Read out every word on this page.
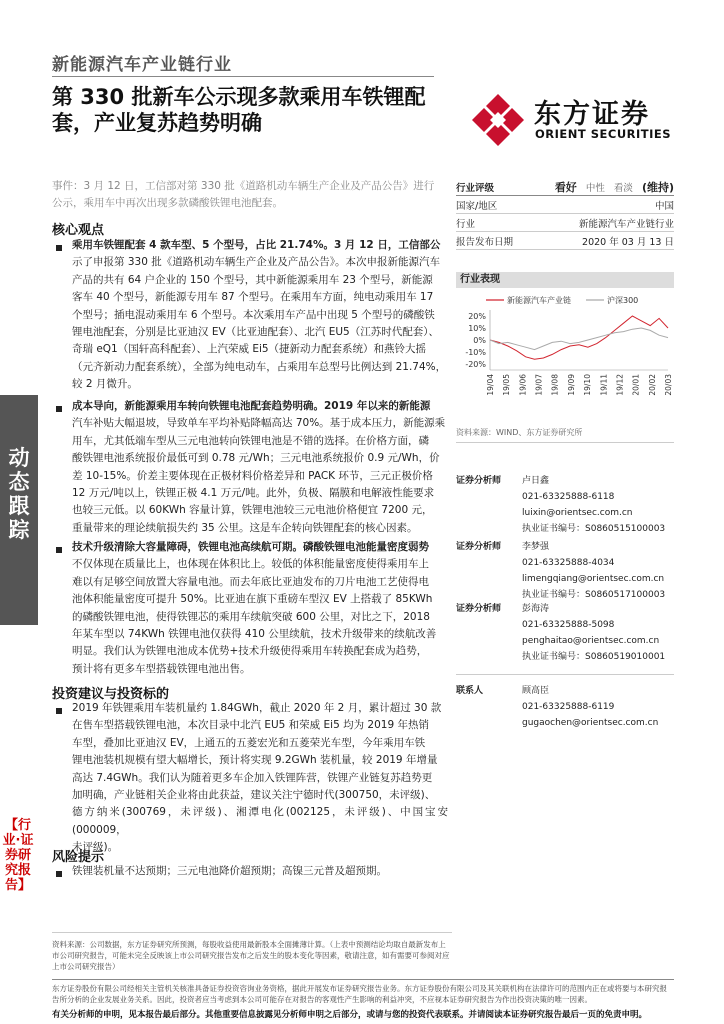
新能源汽车产业链行业
第 330 批新车公示现多款乘用车铁锂配套，产业复苏趋势明确	东方证券
ORIENT SECURITIES
事件：3 月 12 日，工信部对第 330 批《道路机动车辆生产企业及产品公告》进行公示，乘用车中再次出现多款磷酸铁锂电池配套。
核心观点
乘用车铁锂配套 4 款车型、5 个型号，占比 21.74%。3 月 12 日，工信部公
示了申报第 330 批《道路机动车辆生产企业及产品公告》。本次申报新能源汽车
产品的共有 64 户企业的 150 个型号，其中新能源乘用车 23 个型号，新能源
客车 40 个型号，新能源专用车 87 个型号。在乘用车方面，纯电动乘用车 17
个型号；插电混动乘用车 6 个型号。本次乘用车产品中出现 5 个型号的磷酸铁
锂电池配套，分别是比亚迪汉 EV（比亚迪配套）、北汽 EU5（江苏时代配套）、
奇瑞 eQ1（国轩高科配套）、上汽荣威 Ei5（捷新动力配套系统）和燕铃大摇
（元齐新动力配套系统），全部为纯电动车，占乘用车总型号比例达到 21.74%，
较 2 月微升。
成本导向，新能源乘用车转向铁锂电池配套趋势明确。2019 年以来的新能源
汽车补贴大幅退坡，导致单车平均补贴降幅高达 70%。基于成本压力，新能源乘
用车，尤其低端车型从三元电池转向铁锂电池是不错的选择。在价格方面，磷
酸铁锂电池系统报价最低可到 0.78 元/Wh；三元电池系统报价 0.9 元/Wh，价
差 10-15%。价差主要体现在正极材料价格差异和 PACK 环节，三元正极价格
12 万元/吨以上，铁锂正极 4.1 万元/吨。此外，负极、隔膜和电解液性能要求
也较三元低。以 60KWh 容量计算，铁锂电池较三元电池价格便宜 7200 元，
重量带来的理论续航损失约 35 公里。这是车企转向铁锂配套的核心因素。
技术升级清除大容量障碍，铁锂电池高续航可期。磷酸铁锂电池能量密度弱势
不仅体现在质量比上，也体现在体积比上。较低的体积能量密度使得乘用车上
难以有足够空间放置大容量电池。而去年底比亚迪发布的刀片电池工艺使得电
池体积能量密度可提升 50%。比亚迪在旗下重磅车型汉 EV 上搭载了 85KWh
的磷酸铁锂电池，使得铁锂芯的乘用车续航突破 600 公里，对比之下，2018
年某车型以 74KWh 铁锂电池仅获得 410 公里续航，技术升级带来的续航改善
明显。我们认为铁锂电池成本优势+技术升级使得乘用车转换配套成为趋势，
预计将有更多车型搭载铁锂电池出售。
投资建议与投资标的
2019 年铁锂乘用车装机量约 1.84GWh，截止 2020 年 2 月，累计超过 30 款
在售车型搭载铁锂电池，本次目录中北汽 EU5 和荣威 Ei5 均为 2019 年热销
车型，叠加比亚迪汉 EV，上通五的五菱宏光和五菱荣光车型，今年乘用车铁
锂电池装机规模有望大幅增长，预计将实现 9.2GWh 装机量，较 2019 年增量
高达 7.4GWh。我们认为随着更多车企加入铁锂阵营，铁锂产业链复苏趋势更
加明确，产业链相关企业将由此获益，建议关注宁德时代(300750，未评级)、
德方纳米(300769，未评级)、湘潭电化(002125，未评级)、中国宝安(000009，
未评级)。
风险提示
铁锂装机量不达预期；三元电池降价超预期；高镍三元普及超预期。
行业评级	看好 中性 看淡 (维持)
国家/地区	中国
行业	新能源汽车产业链行业
报告发布日期	2020 年 03 月 13 日
行业表现
新能源汽车产业链	沪深300
20%
10%
0%
-10%
-20%
19/04 19/05 19/06 19/07 19/08 19/09 19/10 19/11 19/12 20/01 20/02 20/03
资料来源：WIND、东方证券研究所
证券分析师 卢日鑫
021-63325888-6118
luixin@orientsec.com.cn
执业证书编号：S0860515100003
证券分析师 李梦强
021-63325888-4034
limengqiang@orientsec.com.cn
执业证书编号：S0860517100003
证券分析师 彭海涛
021-63325888-5098
penghaitao@orientsec.com.cn
执业证书编号：S0860519010001
联系人	顾高臣
021-63325888-6119
gugaochen@orientsec.com.cn
动态跟踪
【行业·证券研究报告】
资料来源：公司数据，东方证券研究所预测，每股收益使用最新股本全面摊薄计算。（上表中预测结论均取自最新发布上市公司研究报告，可能未完全反映该上市公司研究报告发布之后发生的股本变化等因素，敬请注意，如有需要可参阅对应上市公司研究报告）
东方证券股份有限公司经相关主管机关核准具备证券投资咨询业务资格，据此开展发布证券研究报告业务。东方证券股份有限公司及其关联机构在法律许可的范围内正在或将要与本研究报告所分析的企业发展业务关系。因此，投资者应当考虑到本公司可能存在对报告的客观性产生影响的利益冲突，不应视本证券研究报告为作出投资决策的唯一因素。
有关分析师的申明，见本报告最后部分。其他重要信息披露见分析师申明之后部分，或请与您的投资代表联系。并请阅读本证券研究报告最后一页的免责申明。
